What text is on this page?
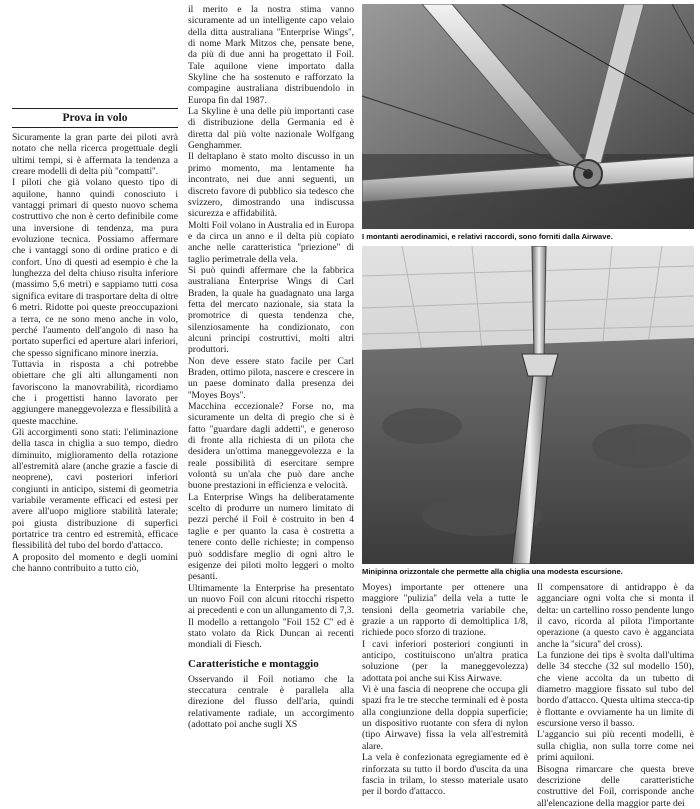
Prova in volo

Sicuramente la gran parte dei piloti avrà notato che nella ricerca progettuale degli ultimi tempi, si è affermata la tendenza a creare modelli di delta più ''compatti''.

I piloti che già volano questo tipo di aquilone, hanno quindi conosciuto i vantaggi primari di questo nuovo schema costruttivo che non è certo definibile come una inversione di tendenza, ma pura evoluzione tecnica. Possiamo affermare che i vantaggi sono di ordine pratico e di confort. Uno di questi ad esempio è che la lunghezza del delta chiuso risulta inferiore (massimo 5,6 metri) e sappiamo tutti cosa significa evitare di trasportare delta di oltre 6 metri. Ridotte poi queste preoccupazioni a terra, ce ne sono meno anche in volo, perché l'aumento dell'angolo di naso ha portato superfici ed aperture alari inferiori, che spesso significano minore inerzia.

Tuttavia in risposta a chi potrebbe obiettare che gli alti allungamenti non favoriscono la manovrabilità, ricordiamo che i progettisti hanno lavorato per aggiungere maneggevolezza e flessibilità a queste macchine.

Gli accorgimenti sono stati: l'eliminazione della tasca in chiglia a suo tempo, diedro diminuito, miglioramento della rotazione all'estremità alare (anche grazie a fascie di neoprene), cavi posteriori inferiori congiunti in anticipo, sistemi di geometria variabile veramente efficaci ed estesi per avere all'uopo migliore stabilità laterale; poi giusta distribuzione di superfici portatrice tra centro ed estremità, efficace flessibilità del tubo del bordo d'attacco.

A proposito del momento e degli uomini che hanno contribuito a tutto ciò,

il merito e la nostra stima vanno sicuramente ad un intelligente capo velaio della ditta australiana ''Enterprise Wings'', di nome Mark Mitzos che, pensate bene, da più di due anni ha progettato il Foil. Tale aquilone viene importato dalla Skyline che ha sostenuto e rafforzato la compagine australiana distribuendolo in Europa fin dal 1987.

La Skyline è una delle più importanti case di distribuzione della Germania ed è diretta dal più volte nazionale Wolfgang Genghammer.

Il deltaplano è stato molto discusso in un primo momento, ma lentamente ha incontrato, nei due anni seguenti, un discreto favore di pubblico sia tedesco che svizzero, dimostrando una indiscussa sicurezza e affidabilità.

Molti Foil volano in Australia ed in Europa e da circa un anno e il delta più copiato anche nelle caratteristica ''priezione'' di taglio perimetrale della vela.

Si può quindi affermare che la fabbrica australiana Enterprise Wings di Carl Braden, la quale ha guadagnato una larga fetta del mercato nazionale, sia stata la promotrice di questa tendenza che, silenziosamente ha condizionato, con alcuni principi costruttivi, molti altri produttori.

Non deve essere stato facile per Carl Braden, ottimo pilota, nascere e crescere in un paese dominato dalla presenza dei ''Moyes Boys''.

Macchina eccezionale? Forse no, ma sicuramente un delta di pregio che si è fatto ''guardare dagli addetti'', e generoso di fronte alla richiesta di un pilota che desidera un'ottima maneggevolezza e la reale possibilità di esercitare sempre volontà su un'ala che può dare anche buone prestazioni in efficienza e velocità.

La Enterprise Wings ha deliberatamente scelto di produrre un numero limitato di pezzi perché il Foil è costruito in ben 4 taglie e per quanto la casa è costretta a tenere conto delle richieste; in compenso può soddisfare meglio di ogni altro le esigenze dei piloti molto leggeri o molto pesanti.

Ultimamente la Enterprise ha presentato un nuovo Foil con alcuni ritocchi rispetto ai precedenti e con un allungamento di 7,3. Il modello a rettangolo ''Foil 152 C'' ed è stato volato da Rick Duncan ai recenti mondiali di Fiesch.

Caratteristiche e montaggio

Osservando il Foil notiamo che la steccatura centrale è parallela alla direzione del flusso dell'aria, quindi relativamente radiale, un accorgimento (adottato poi anche sugli XS

I montanti aerodinamici, e relativi raccordi, sono forniti dalla Airwave.
Minipinna orizzontale che permette alla chiglia una modesta escursione.

Moyes) importante per ottenere una maggiore ''pulizia'' della vela a tutte le tensioni della geometria variabile che, grazie a un rapporto di demoltiplica 1/8, richiede poco sforzo di trazione.

I cavi inferiori posteriori congiunti in anticipo, costituiscono un'altra pratica soluzione (per la maneggevolezza) adottata poi anche sui Kiss Airwave.

Vi è una fascia di neoprene che occupa gli spazi fra le tre stecche terminali ed è posta alla congiunzione della doppia superficie; un dispositivo ruotante con sfera di nylon (tipo Airwave) fissa la vela all'estremità alare.

La vela è confezionata egregiamente ed è rinforzata su tutto il bordo d'uscita da una fascia in trilam, lo stesso materiale usato per il bordo d'attacco.

Il compensatore di antidrappo è da agganciare ogni volta che si monta il delta: un cartellino rosso pendente lungo il cavo, ricorda al pilota l'importante operazione (a questo cavo è agganciata anche la ''sicura'' del cross).

La funzione dei tips è svolta dall'ultima delle 34 stecche (32 sul modello 150), che viene accolta da un tubetto di diametro maggiore fissato sul tubo del bordo d'attacco. Questa ultima stecca-tip è flottante e ovviamente ha un limite di escursione verso il basso.

L'aggancio sui più recenti modelli, è sulla chiglia, non sulla torre come nei primi aquiloni.

Bisogna rimarcare che questa breve descrizione delle caratteristiche costruttive del Foil, corrisponde anche all'elencazione della maggior parte dei
